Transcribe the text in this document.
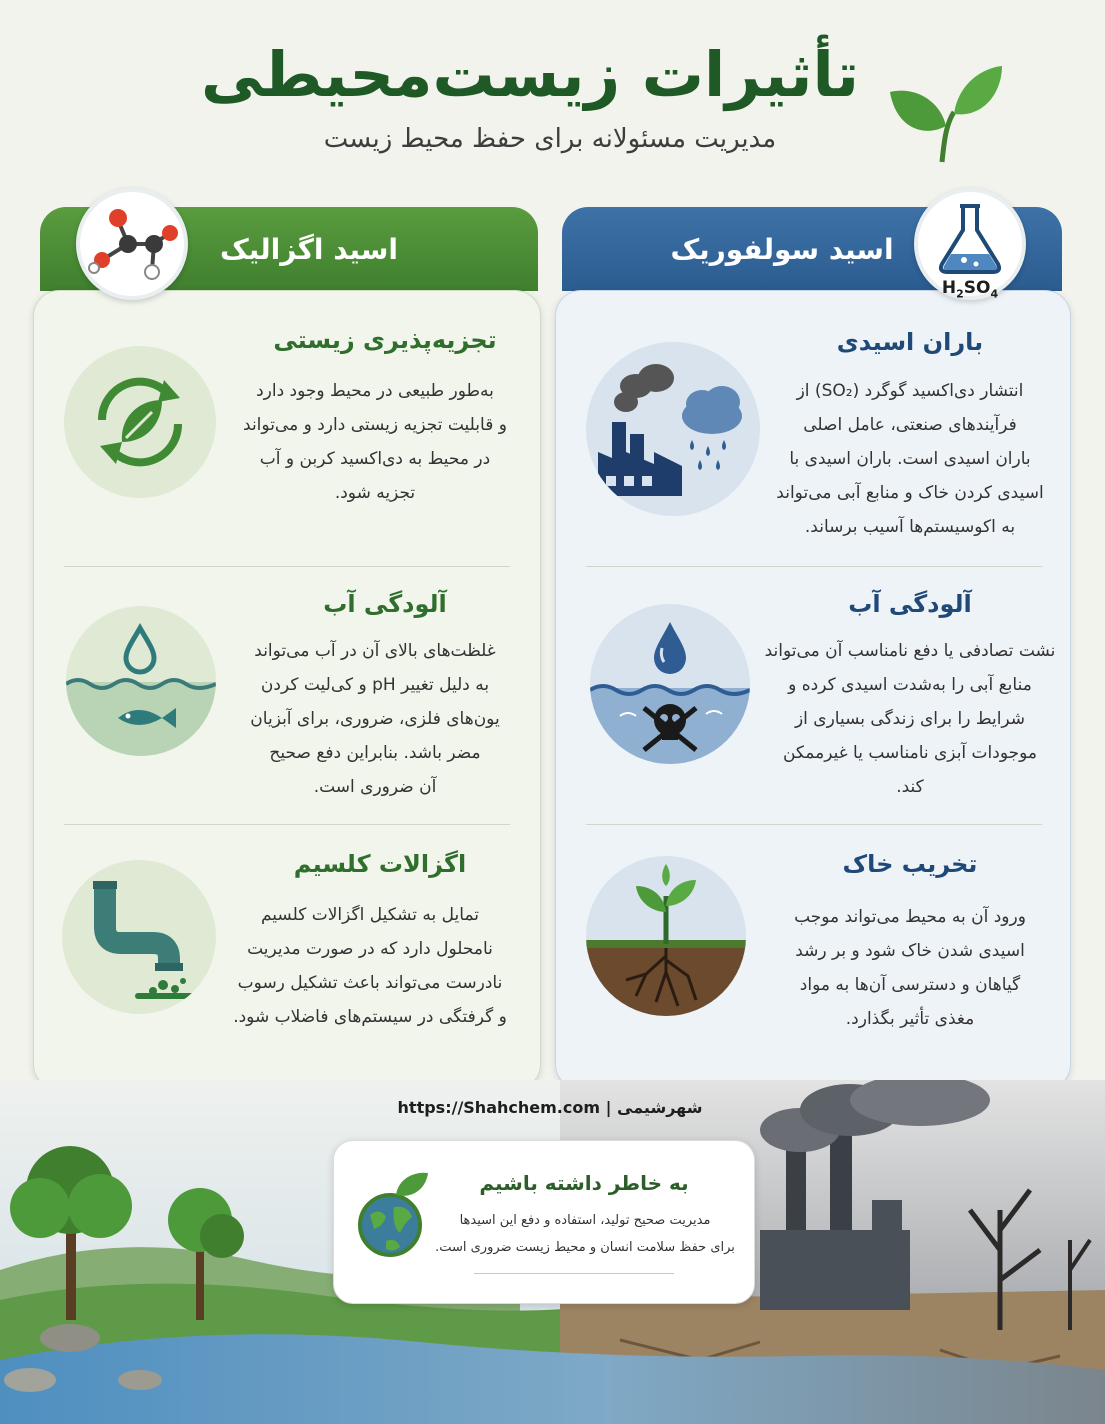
تأثیرات زیست‌محیطی
مدیریت مسئولانه برای حفظ محیط زیست
اسید اگزالیک	اسید سولفوریک
$H_2SO_4$
تجزیه‌پذیری زیستی
به‌طور طبیعی در محیط وجود دارد
و قابلیت تجزیه زیستی دارد و می‌تواند
در محیط به دی‌اکسید کربن و آب
تجزیه شود.
آلودگی آب
غلظت‌های بالای آن در آب می‌تواند
به دلیل تغییر pH و کی‌لیت کردن
یون‌های فلزی، ضروری، برای آبزیان
مضر باشد. بنابراین دفع صحیح
آن ضروری است.
اگزالات کلسیم
تمایل به تشکیل اگزالات کلسیم
نامحلول دارد که در صورت مدیریت
نادرست می‌تواند باعث تشکیل رسوب
و گرفتگی در سیستم‌های فاضلاب شود.
باران اسیدی
انتشار دی‌اکسید گوگرد (SO₂) از
فرآیندهای صنعتی، عامل اصلی
باران اسیدی است. باران اسیدی با
اسیدی کردن خاک و منابع آبی می‌تواند
به اکوسیستم‌ها آسیب برساند.
آلودگی آب
نشت تصادفی یا دفع نامناسب آن می‌تواند
منابع آبی را به‌شدت اسیدی کرده و
شرایط را برای زندگی بسیاری از
موجودات آبزی نامناسب یا غیرممکن
کند.
تخریب خاک
ورود آن به محیط می‌تواند موجب
اسیدی شدن خاک شود و بر رشد
گیاهان و دسترسی آن‌ها به مواد
مغذی تأثیر بگذارد.
https://Shahchem.com | شهرشیمی
به خاطر داشته باشیم
مدیریت صحیح تولید، استفاده و دفع این اسیدها
برای حفظ سلامت انسان و محیط زیست ضروری است.
